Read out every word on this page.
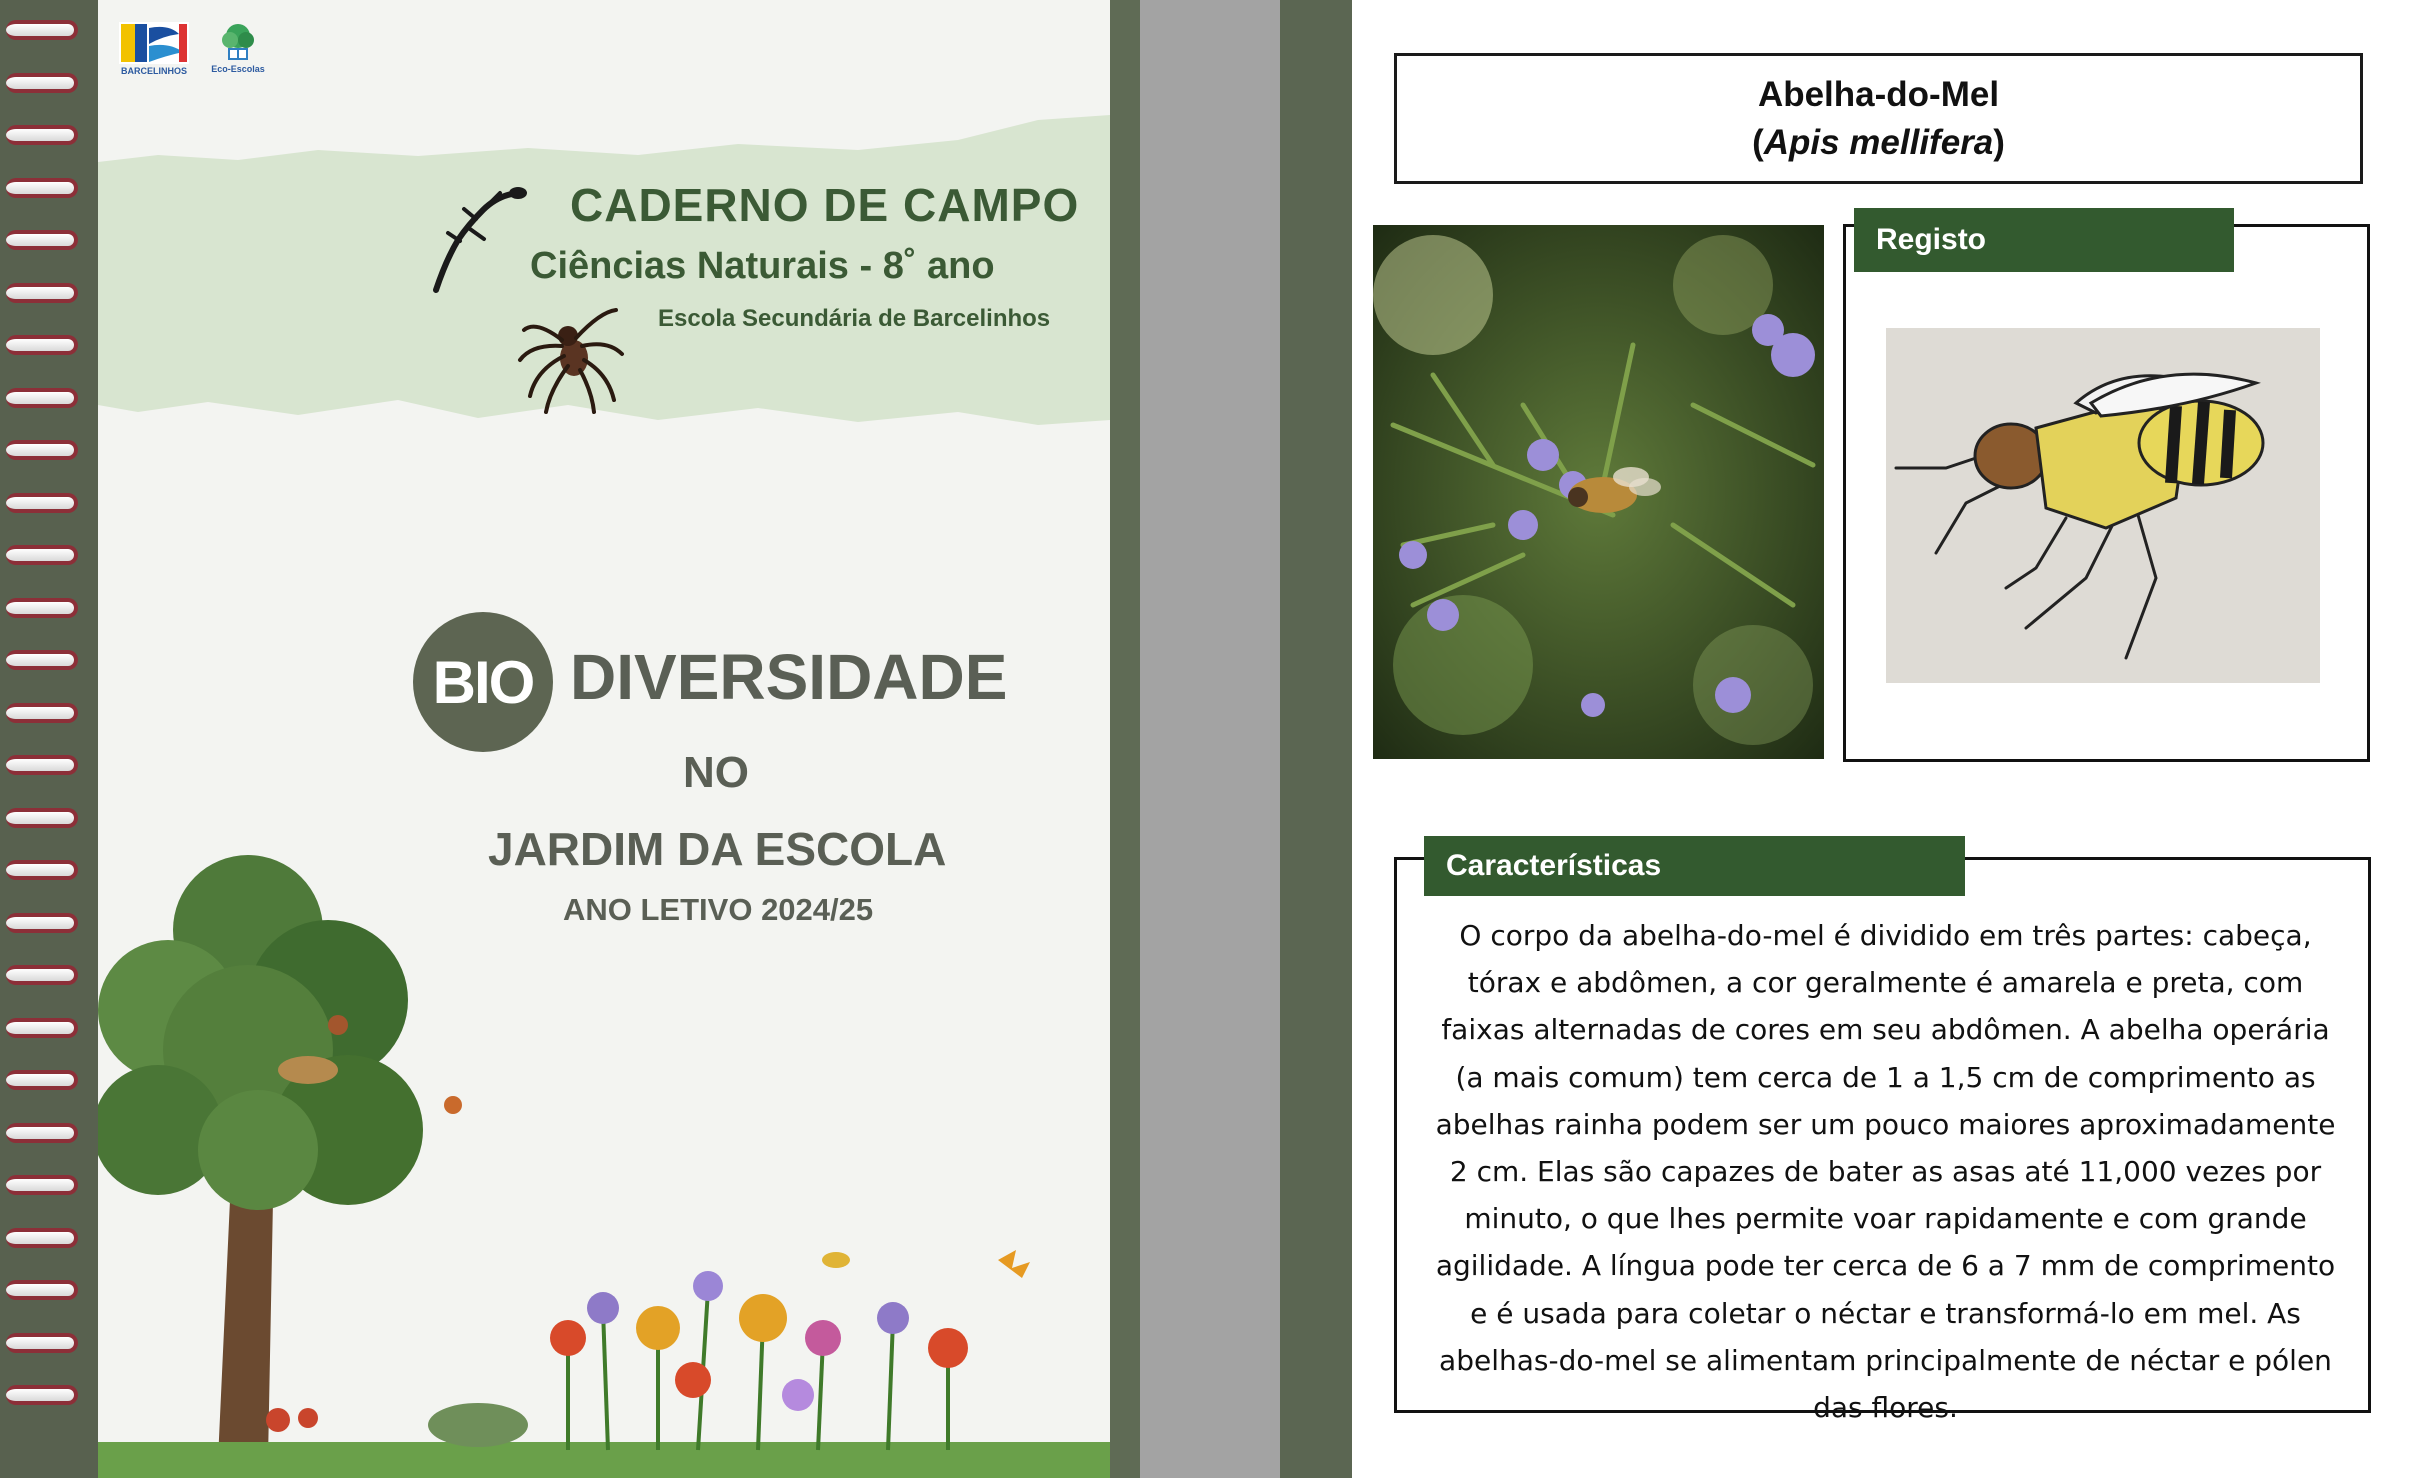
BARCELINHOS	Eco-Escolas
CADERNO DE CAMPO
Ciências Naturais - 8˚ ano
Escola Secundária de Barcelinhos
BIO DIVERSIDADE
NO
JARDIM DA ESCOLA
ANO LETIVO 2024/25
Abelha-do-Mel
(Apis mellifera)
Registo

O corpo da abelha-do-mel é dividido em três partes: cabeça, tórax e abdômen, a cor geralmente é amarela e preta, com faixas alternadas de cores em seu abdômen. A abelha operária (a mais comum) tem cerca de 1 a 1,5 cm de comprimento as abelhas rainha podem ser um pouco maiores aproximadamente 2 cm. Elas são capazes de bater as asas até 11,000 vezes por minuto, o que lhes permite voar rapidamente e com grande agilidade. A língua pode ter cerca de 6 a 7 mm de comprimento e é usada para coletar o néctar e transformá-lo em mel. As abelhas-do-mel se alimentam principalmente de néctar e pólen das flores.

Características
